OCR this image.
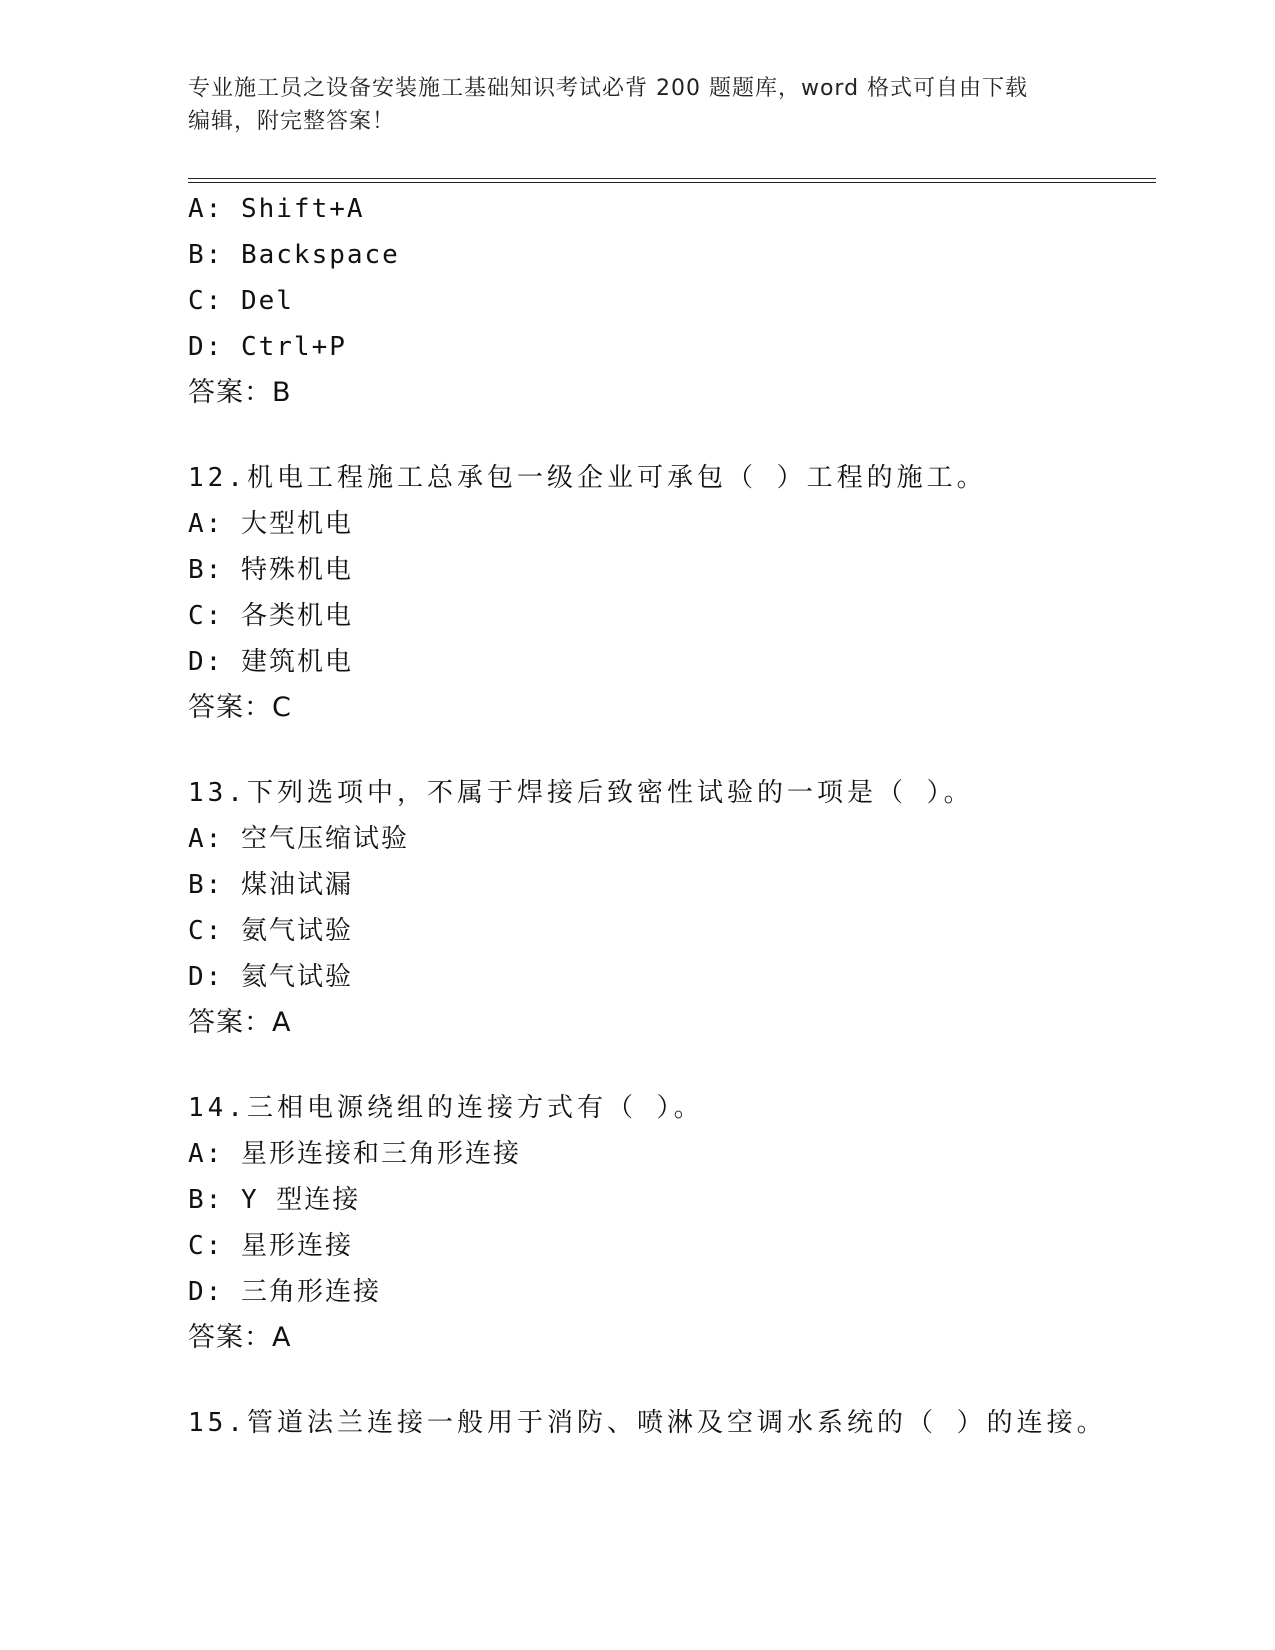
专业施工员之设备安装施工基础知识考试必背 200 题题库，word 格式可自由下载
编辑，附完整答案！
A: Shift+A
B: Backspace
C: Del
D: Ctrl+P
答案：B
12.机电工程施工总承包一级企业可承包（ ）工程的施工。
A: 大型机电
B: 特殊机电
C: 各类机电
D: 建筑机电
答案：C
13.下列选项中，不属于焊接后致密性试验的一项是（ ）。
A: 空气压缩试验
B: 煤油试漏
C: 氨气试验
D: 氦气试验
答案：A
14.三相电源绕组的连接方式有（ ）。
A: 星形连接和三角形连接
B: Y 型连接
C: 星形连接
D: 三角形连接
答案：A
15.管道法兰连接一般用于消防、喷淋及空调水系统的（ ）的连接。
